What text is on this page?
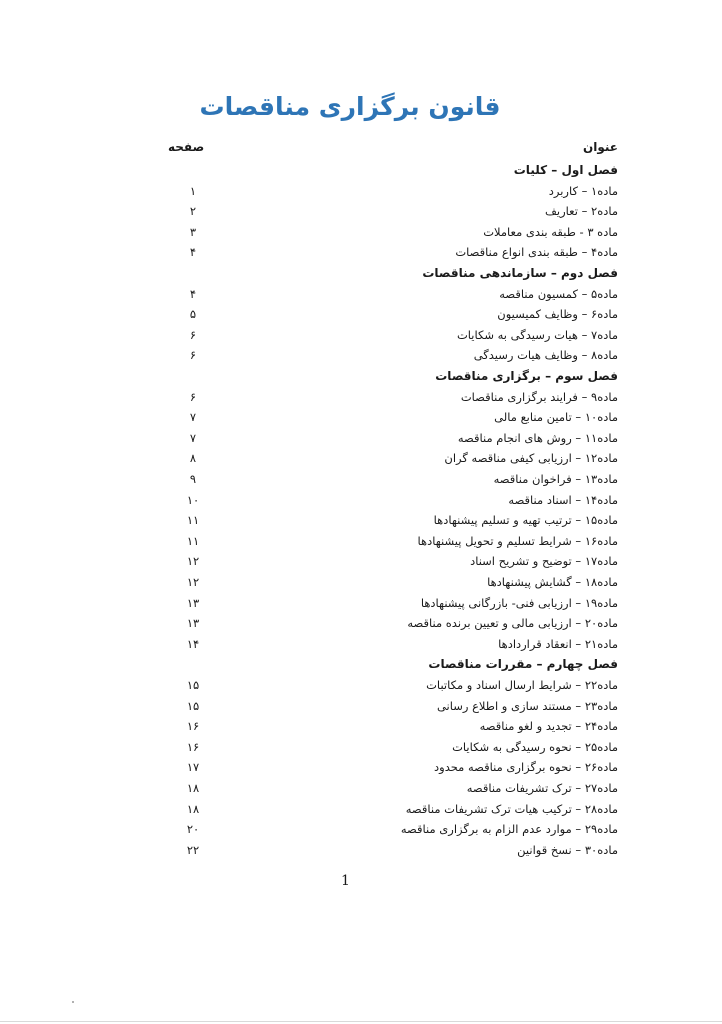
قانون برگزاری مناقصات
عنوان
صفحه
فصل اول – کلیات
ماده۱ – کاربرد
۱
ماده۲ – تعاریف
۲
ماده ۳ - طبقه بندی معاملات
۳
ماده۴ – طبقه بندی انواع مناقصات
۴
فصل دوم – سازماندهی مناقصات
ماده۵ – کمسیون مناقصه
۴
ماده۶ – وظایف کمیسیون
۵
ماده۷ – هیات رسیدگی به شکایات
۶
ماده۸ – وظایف هیات رسیدگی
۶
فصل سوم – برگزاری مناقصات
ماده۹ – فرایند برگزاری مناقصات
۶
ماده۱۰ – تامین منابع مالی
۷
ماده۱۱ – روش های انجام مناقصه
۷
ماده۱۲ – ارزیابی کیفی مناقصه گران
۸
ماده۱۳ – فراخوان مناقصه
۹
ماده۱۴ – اسناد مناقصه
۱۰
ماده۱۵ – ترتیب تهیه و تسلیم پیشنهادها
۱۱
ماده۱۶ – شرایط تسلیم و تحویل پیشنهادها
۱۱
ماده۱۷ – توضیح و تشریح اسناد
۱۲
ماده۱۸ – گشایش پیشنهادها
۱۲
ماده۱۹ – ارزیابی فنی- بازرگانی پیشنهادها
۱۳
ماده۲۰ – ارزیابی مالی و تعیین برنده مناقصه
۱۳
ماده۲۱ – انعقاد قراردادها
۱۴
فصل چهارم – مقررات مناقصات
ماده۲۲ – شرایط ارسال اسناد و مکاتبات
۱۵
ماده۲۳ – مستند سازی و اطلاع رسانی
۱۵
ماده۲۴ – تجدید و لغو مناقصه
۱۶
ماده۲۵ – نحوه رسیدگی به شکایات
۱۶
ماده۲۶ – نحوه برگزاری مناقصه محدود
۱۷
ماده۲۷ – ترک تشریفات مناقصه
۱۸
ماده۲۸ – ترکیب هیات ترک تشریفات مناقصه
۱۸
ماده۲۹ – موارد عدم الزام به برگزاری مناقصه
۲۰
ماده۳۰ – نسخ قوانین
۲۲
1
